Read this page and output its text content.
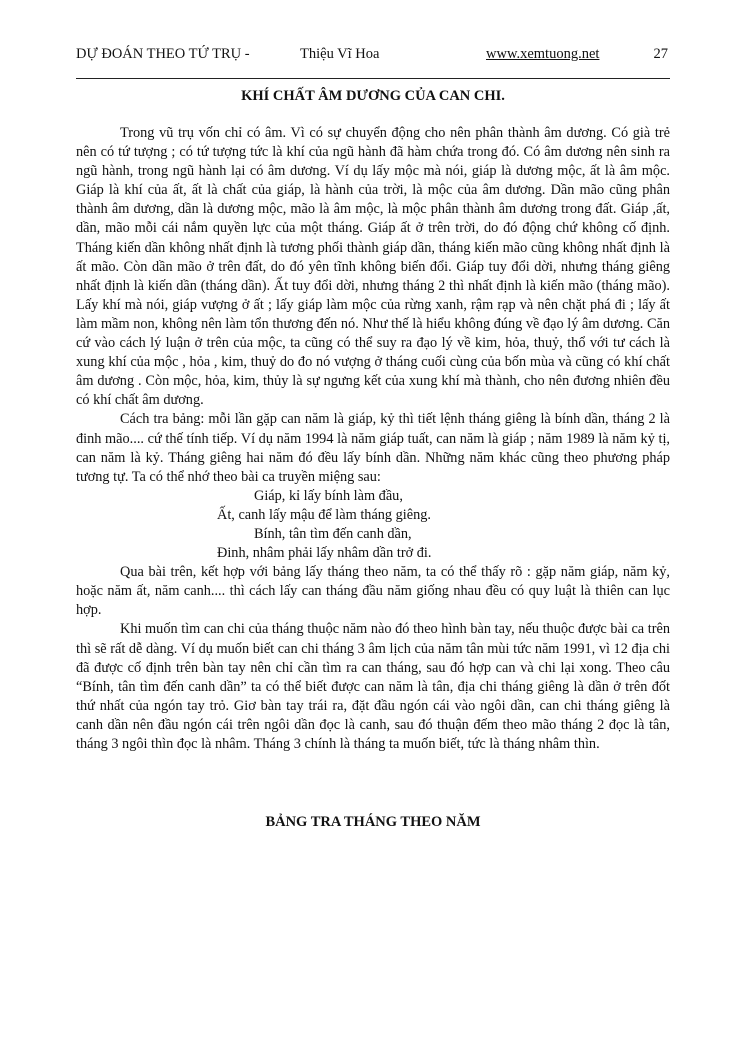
DỰ ĐOÁN THEO TỨ TRỤ -	Thiệu Vĩ Hoa	www.xemtuong.net	27
KHÍ CHẤT ÂM DƯƠNG CỦA CAN CHI.

Trong vũ trụ vốn chỉ có âm. Vì có sự chuyển động cho nên phân thành âm dương. Có già trẻ nên có tứ tượng ; có tứ tượng tức là khí của ngũ hành đã hàm chứa trong đó. Có âm dương nên sinh ra ngũ hành, trong ngũ hành lại có âm dương. Ví dụ lấy mộc mà nói, giáp là dương mộc, ất là âm mộc. Giáp là khí của ất, ất là chất của giáp, là hành của trời, là mộc của âm dương. Dần mão cũng phân thành âm dương, dần là dương mộc, mão là âm mộc, là mộc phân thành âm dương trong đất. Giáp ,ất, dần, mão mỗi cái nắm quyền lực của một tháng. Giáp ất ở trên trời, do đó động chứ không cố định. Tháng kiến dần không nhất định là tương phối thành giáp dần, tháng kiến mão cũng không nhất định là ất mão. Còn dần mão ở trên đất, do đó yên tĩnh không biến đổi. Giáp tuy đổi dời, nhưng tháng giêng nhất định là kiến dần (tháng dần). Ất tuy đổi dời, nhưng tháng 2 thì nhất định là kiến mão (tháng mão). Lấy khí mà nói, giáp vượng ở ất ; lấy giáp làm mộc của rừng xanh, rậm rạp và nên chặt phá đi ; lấy ất làm mầm non, không nên làm tổn thương đến nó. Như thế là hiểu không đúng về đạo lý âm dương. Căn cứ vào cách lý luận ở trên của mộc, ta cũng có thể suy ra đạo lý về kim, hỏa, thuỷ, thổ với tư cách là xung khí của mộc , hỏa , kim, thuỷ do đo nó vượng ở tháng cuối cùng của bốn mùa và cũng có khí chất âm dương . Còn mộc, hỏa, kim, thủy là sự ngưng kết của xung khí mà thành, cho nên đương nhiên đều có khí chất âm dương.

Cách tra bảng: mỗi lần gặp can năm là giáp, kỷ thì tiết lệnh tháng giêng là bính dần, tháng 2 là đinh mão.... cứ thế tính tiếp. Ví dụ năm 1994 là năm giáp tuất, can năm là giáp ; năm 1989 là năm kỷ tị, can năm là kỷ. Tháng giêng hai năm đó đều lấy bính dần. Những năm khác cũng theo phương pháp tương tự. Ta có thể nhớ theo bài ca truyền miệng sau:

Giáp, kỉ lấy bính làm đầu,
Ất, canh lấy mậu để làm tháng giêng.
Bính, tân tìm đến canh dần,
Đinh, nhâm phải lấy nhâm dần trở đi.

Qua bài trên, kết hợp với bảng lấy tháng theo năm, ta có thể thấy rõ : gặp năm giáp, năm kỷ, hoặc năm ất, năm canh.... thì cách lấy can tháng đầu năm giống nhau đều có quy luật là thiên can lục hợp.

Khi muốn tìm can chi của tháng thuộc năm nào đó theo hình bàn tay, nếu thuộc được bài ca trên thì sẽ rất dễ dàng. Ví dụ muốn biết can chi tháng 3 âm lịch của năm tân mùi tức năm 1991, vì 12 địa chi đã được cố định trên bàn tay nên chỉ cần tìm ra can tháng, sau đó hợp can và chi lại xong. Theo câu “Bính, tân tìm đến canh dần” ta có thể biết được can năm là tân, địa chi tháng giêng là dần ở trên đốt thứ nhất của ngón tay trỏ. Giơ bàn tay trái ra, đặt đầu ngón cái vào ngôi dần, can chi tháng giêng là canh dần nên đầu ngón cái trên ngôi dần đọc là canh, sau đó thuận đếm theo mão tháng 2 đọc là tân, tháng 3 ngôi thìn đọc là nhâm. Tháng 3 chính là tháng ta muốn biết, tức là tháng nhâm thìn.

BẢNG TRA THÁNG THEO NĂM
